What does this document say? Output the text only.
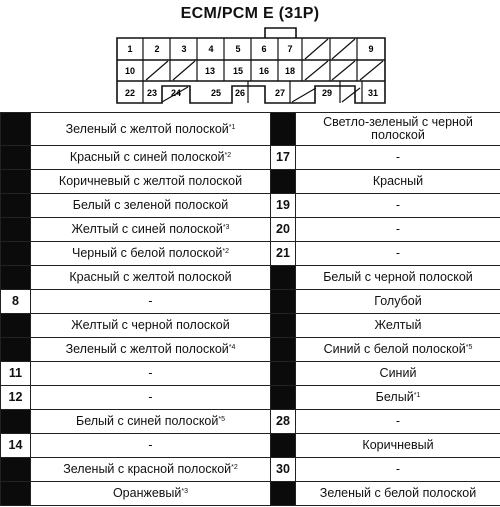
ECM/PCM E (31P)
1 2 3 4 5 6 7	9
10	13 15 16 18
22 23 24	25 26	27	29	31
	Зеленый с желтой полоской$^{*1}$		Светло-зеленый с черной полоской
	Красный с синей полоской$^{*2}$	17	-
	Коричневый с желтой полоской		Красный
	Белый с зеленой полоской	19	-
	Желтый с синей полоской$^{*3}$	20	-
	Черный с белой полоской$^{*2}$	21	-
	Красный с желтой полоской		Белый с черной полоской
8	-		Голубой
	Желтый с черной полоской		Желтый
	Зеленый с желтой полоской$^{*4}$		Синий с белой полоской$^{*5}$
11	-		Синий
12	-		Белый$^{*1}$
	Белый с синей полоской$^{*5}$	28	-
14	-		Коричневый
	Зеленый с красной полоской$^{*2}$	30	-
	Оранжевый$^{*3}$		Зеленый с белой полоской
